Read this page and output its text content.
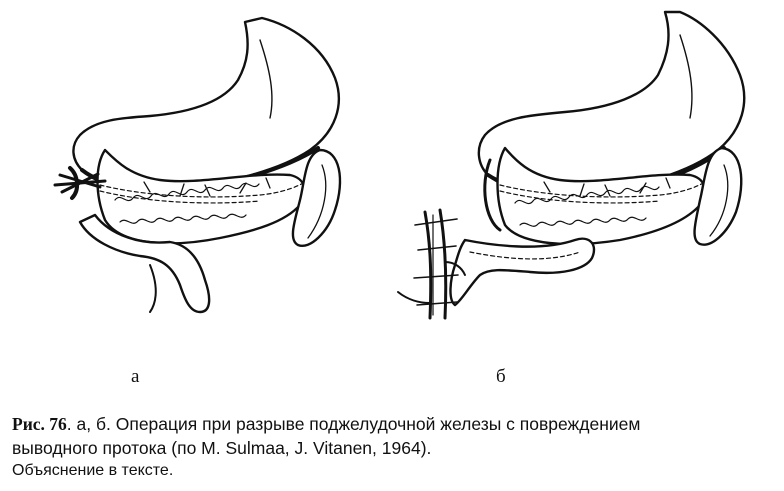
а	б
Рис. 76. а, б. Операция при разрыве поджелудочной железы с повреждением
выводного протока (по M. Sulmaa, J. Vitanen, 1964).
Объяснение в тексте.
